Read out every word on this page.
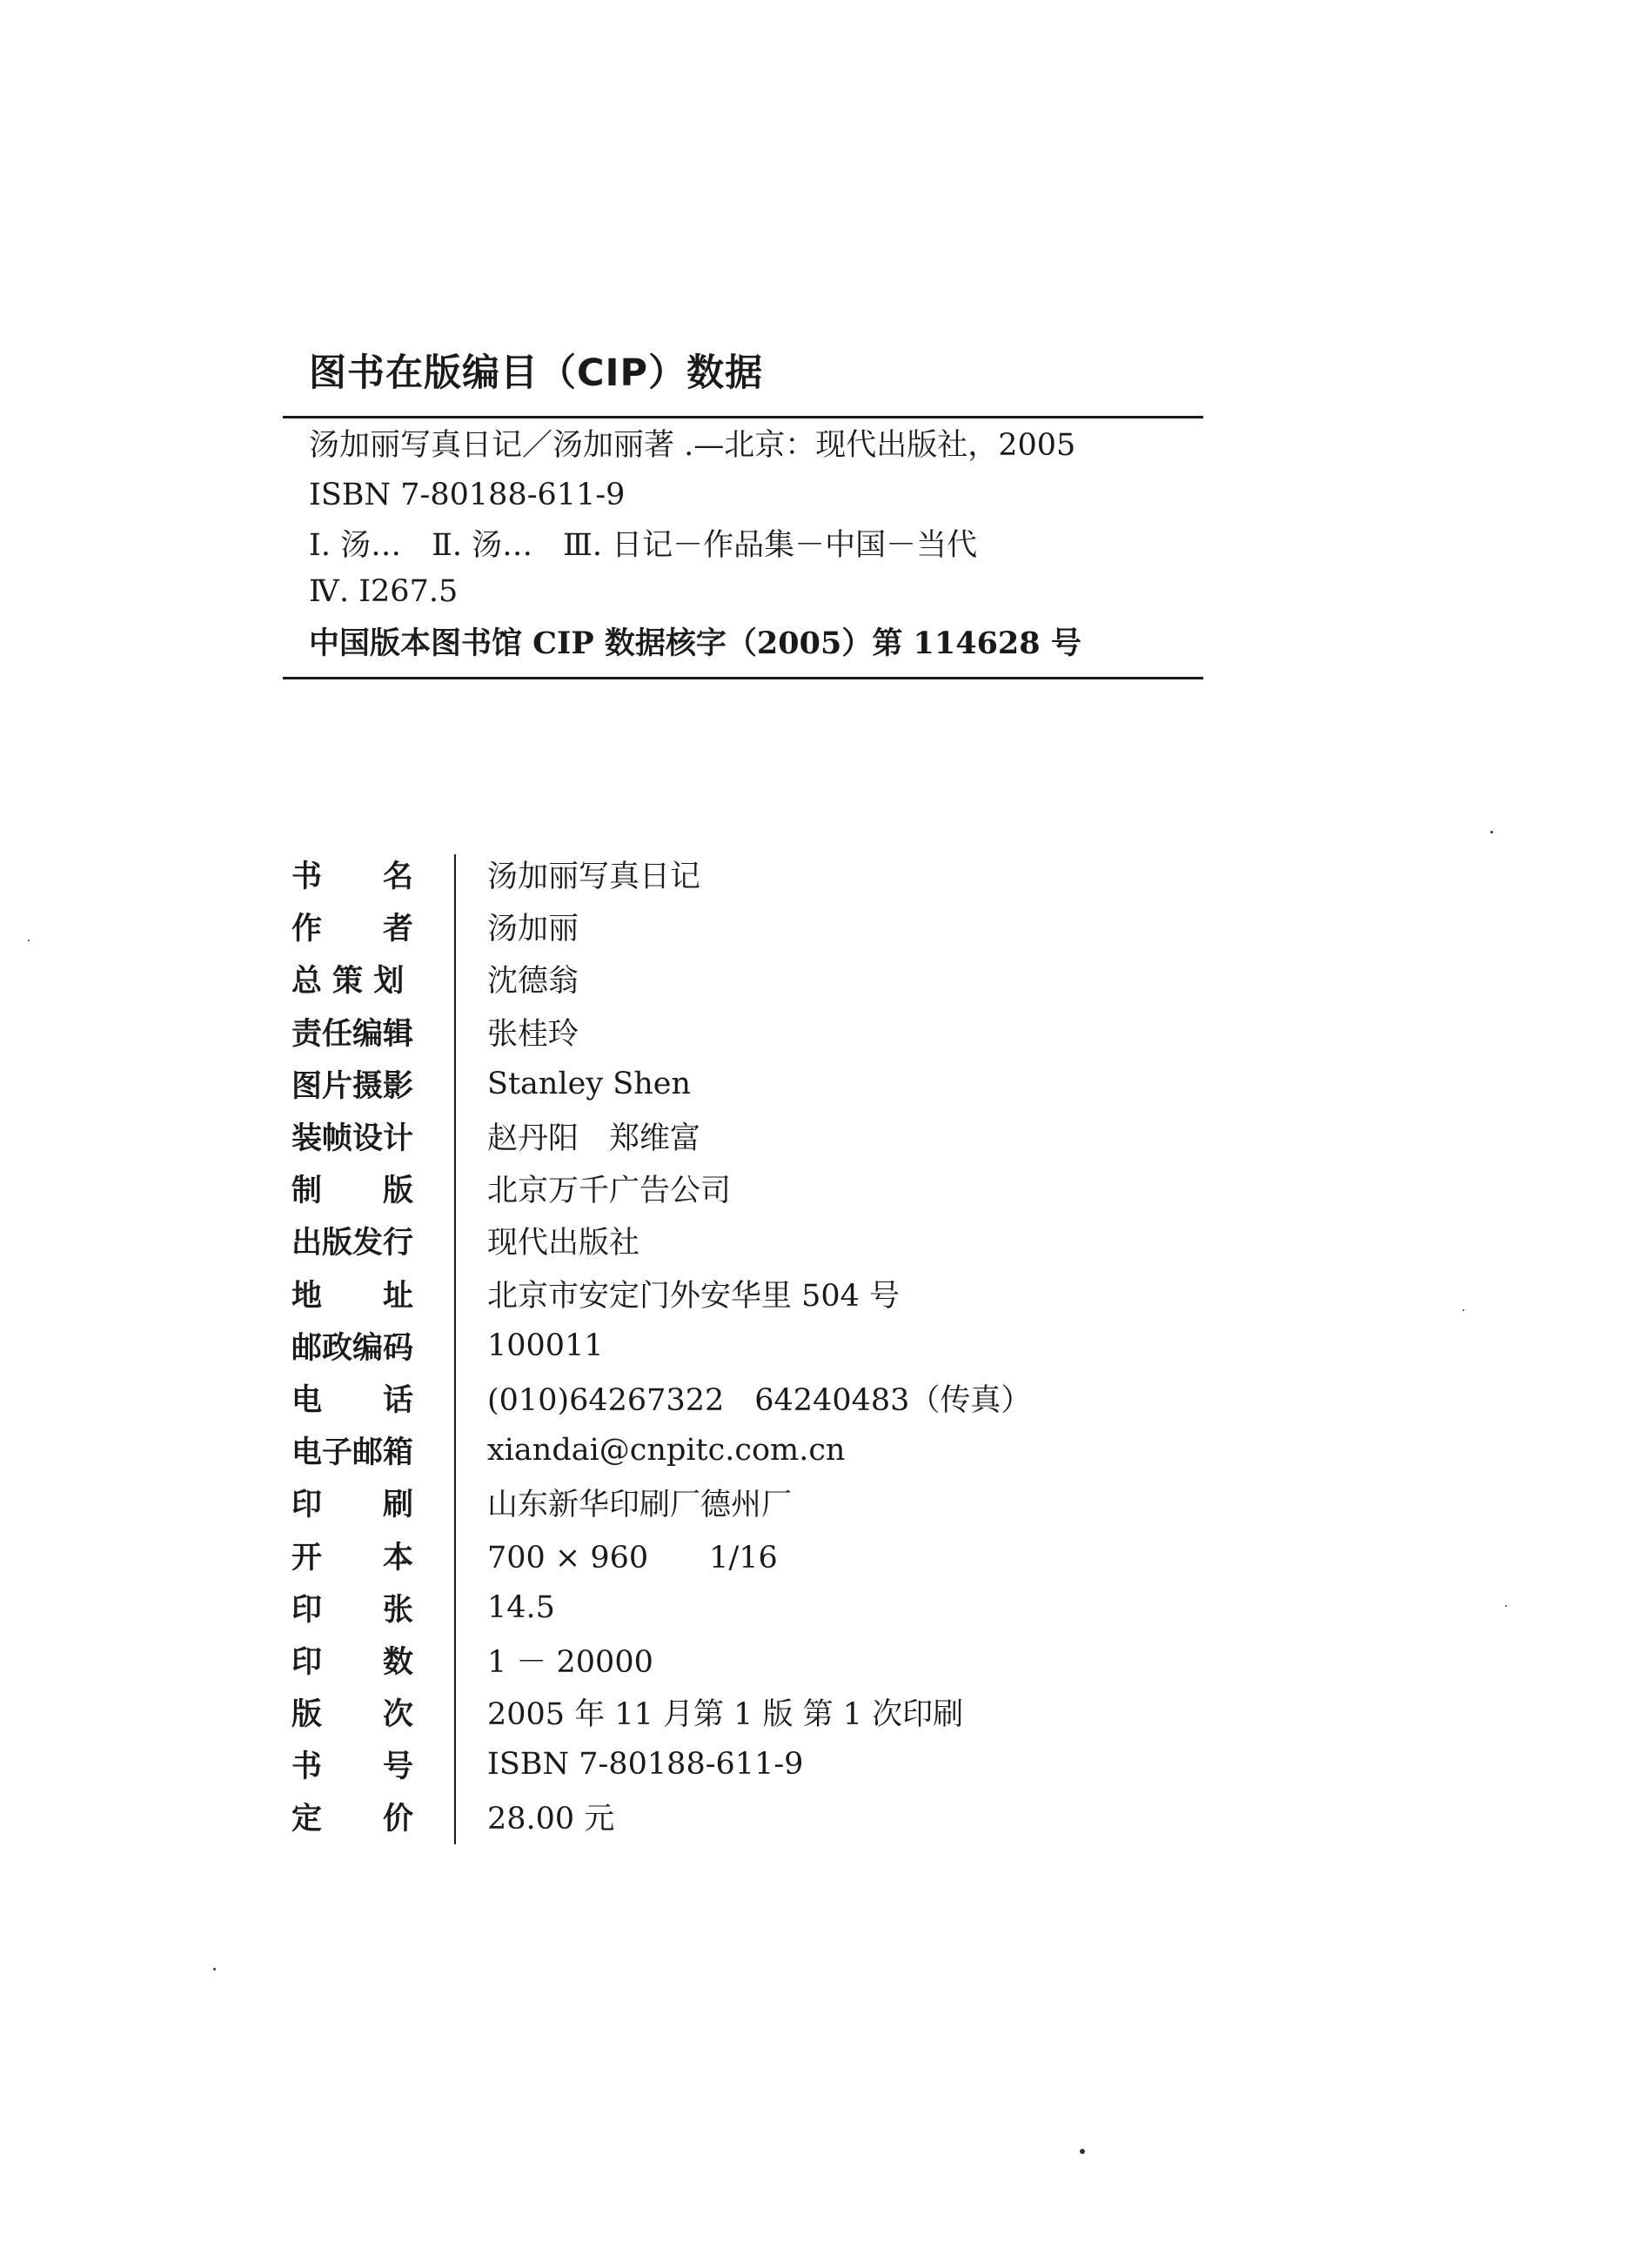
图书在版编目（CIP）数据
汤加丽写真日记／汤加丽著 .—北京：现代出版社，2005
ISBN 7-80188-611-9
Ⅰ. 汤…　Ⅱ. 汤…　Ⅲ. 日记－作品集－中国－当代
Ⅳ. I267.5
中国版本图书馆 CIP 数据核字（2005）第 114628 号
书　　名	汤加丽写真日记
作　　者	汤加丽
总 策 划	沈德翁
责任编辑	张桂玲
图片摄影	Stanley Shen
装帧设计	赵丹阳　郑维富
制　　版	北京万千广告公司
出版发行	现代出版社
地　　址	北京市安定门外安华里 504 号
邮政编码	100011
电　　话	(010)64267322　64240483（传真）
电子邮箱	xiandai@cnpitc.com.cn
印　　刷	山东新华印刷厂德州厂
开　　本	700 × 960　　1/16
印　　张	14.5
印　　数	1 － 20000
版　　次	2005 年 11 月第 1 版 第 1 次印刷
书　　号	ISBN 7-80188-611-9
定　　价	28.00 元
